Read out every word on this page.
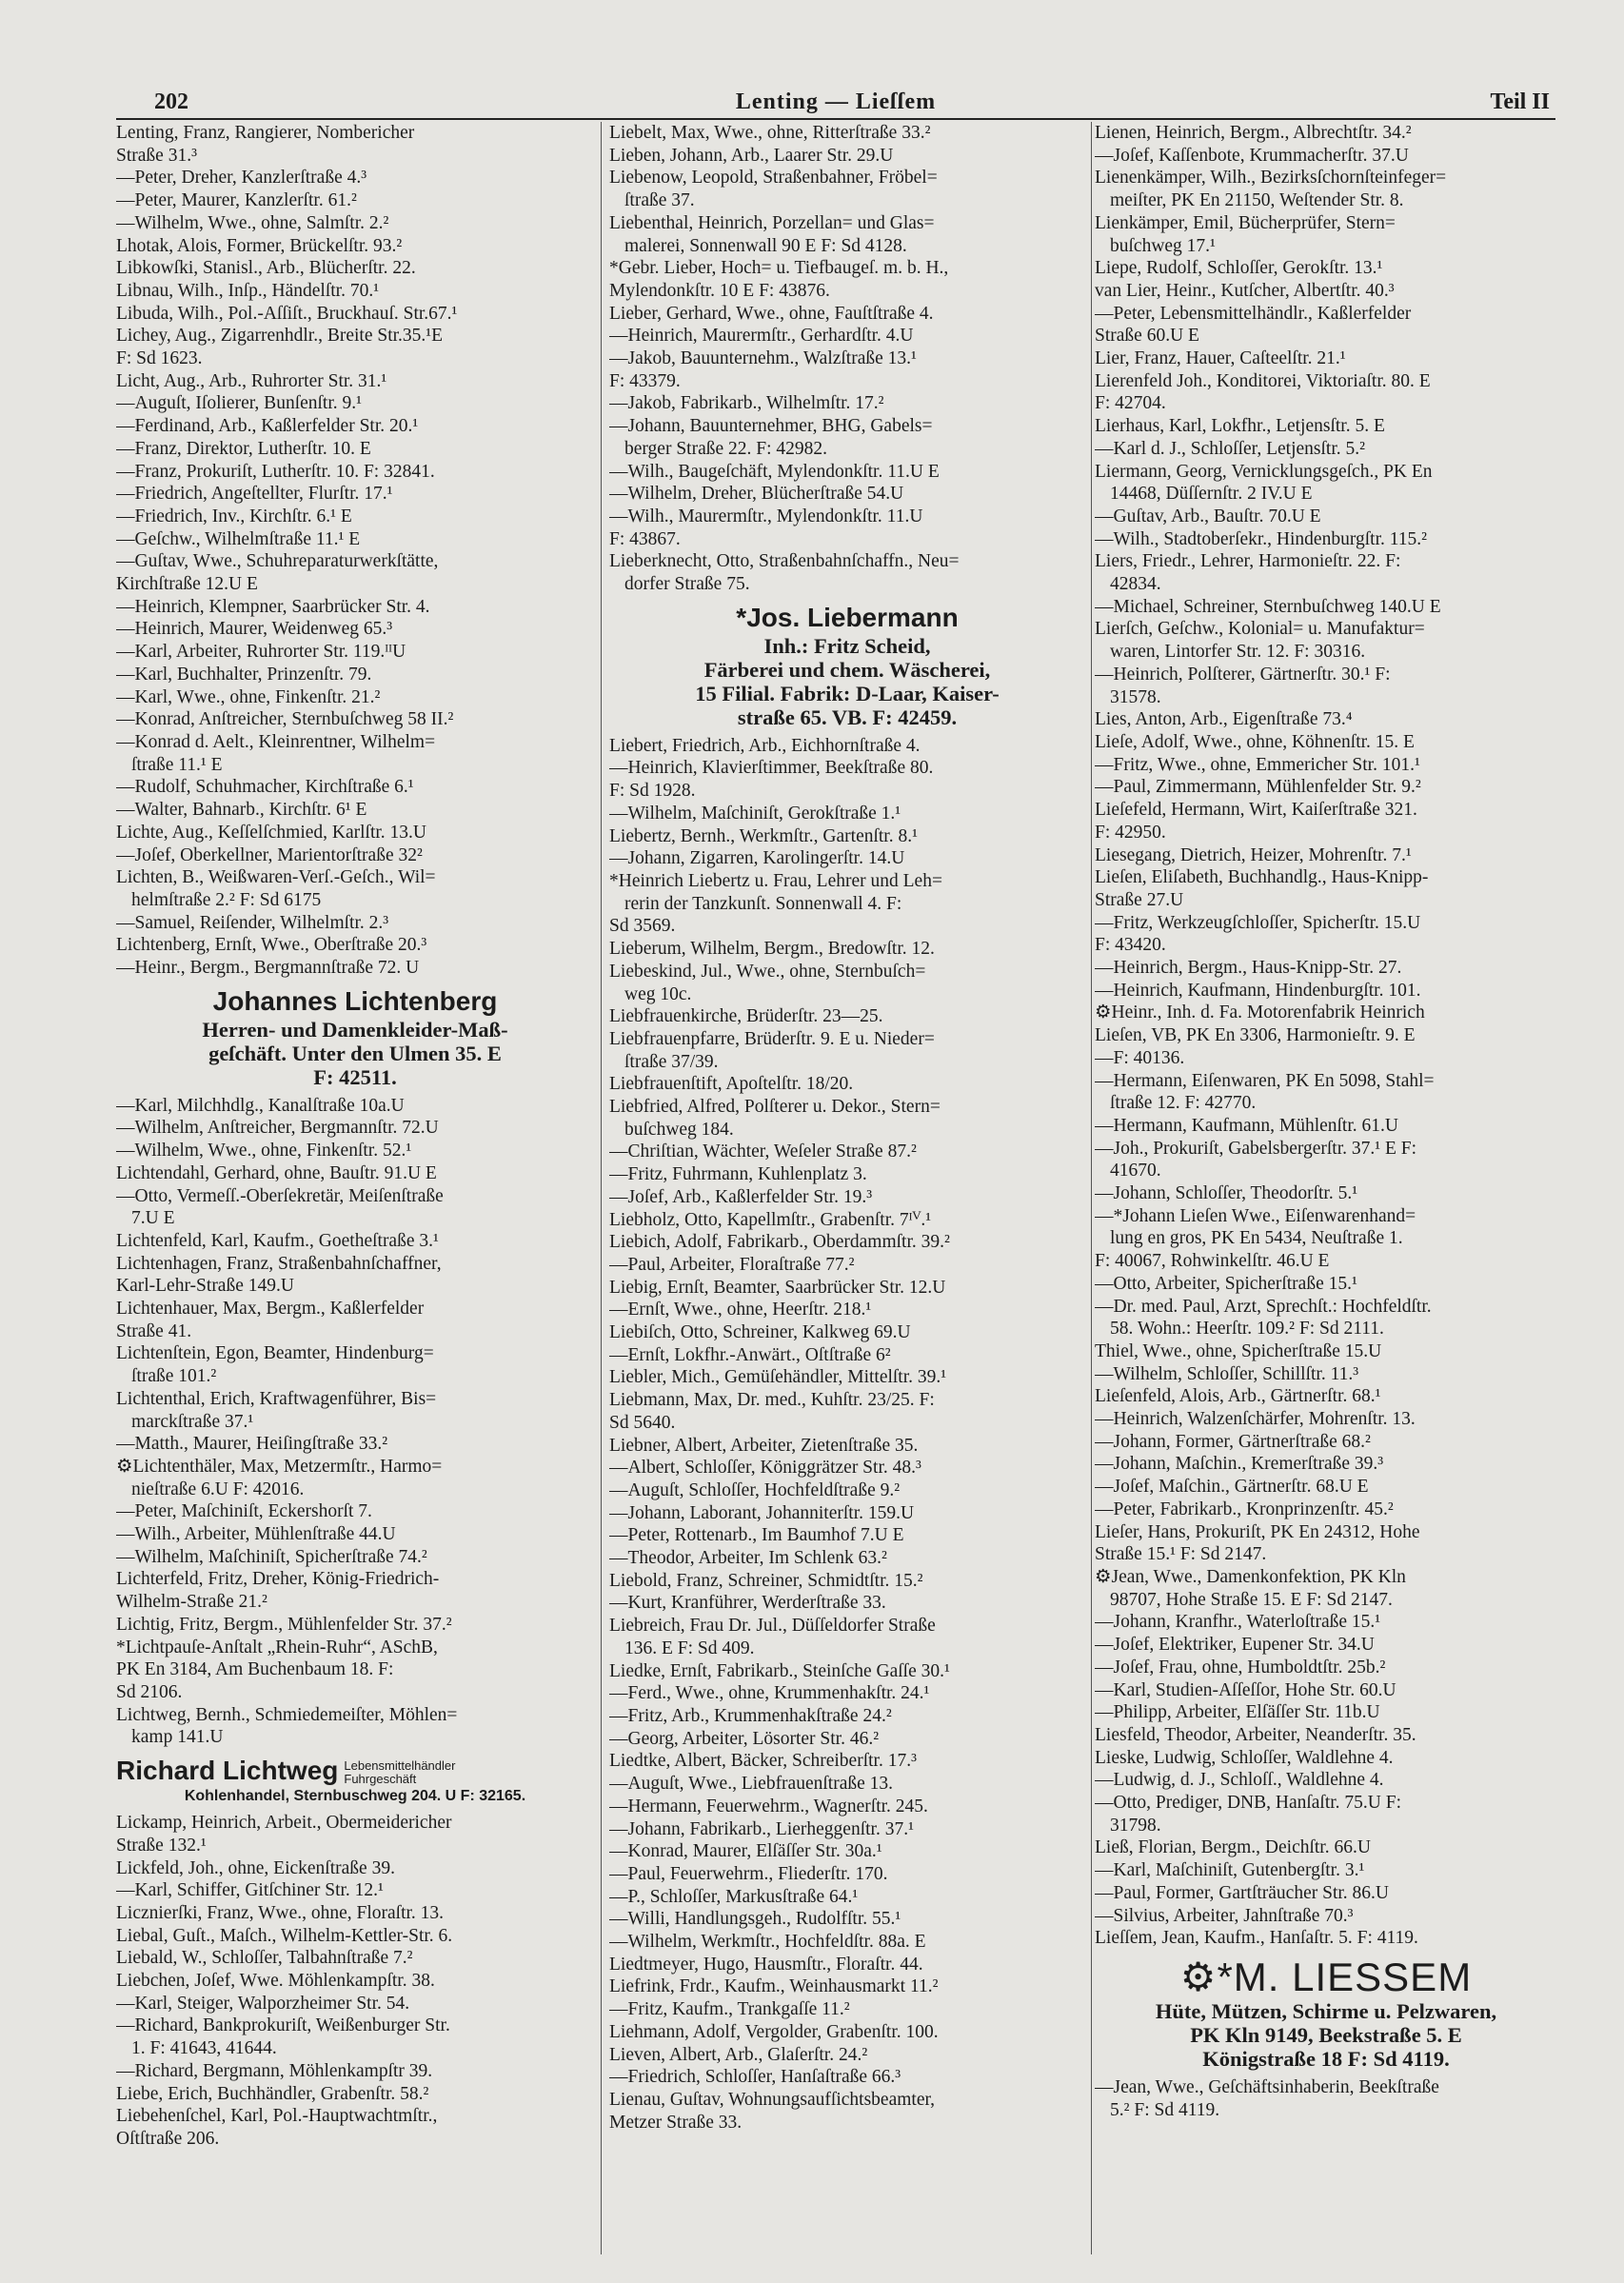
202	Lenting — Lieſſem	Teil II
Lenting, Franz, Rangierer, Nombericher
Straße 31.³
—Peter, Dreher, Kanzlerſtraße 4.³
—Peter, Maurer, Kanzlerſtr. 61.²
—Wilhelm, Wwe., ohne, Salmſtr. 2.²
Lhotak, Alois, Former, Brückelſtr. 93.²
Libkowſki, Stanisl., Arb., Blücherſtr. 22.
Libnau, Wilh., Inſp., Händelſtr. 70.¹
Libuda, Wilh., Pol.-Aſſiſt., Bruckhauſ. Str.67.¹
Lichey, Aug., Zigarrenhdlr., Breite Str.35.¹E
F: Sd 1623.
Licht, Aug., Arb., Ruhrorter Str. 31.¹
—Auguſt, Iſolierer, Bunſenſtr. 9.¹
—Ferdinand, Arb., Kaßlerfelder Str. 20.¹
—Franz, Direktor, Lutherſtr. 10. E
—Franz, Prokuriſt, Lutherſtr. 10. F: 32841.
—Friedrich, Angeſtellter, Flurſtr. 17.¹
—Friedrich, Inv., Kirchſtr. 6.¹ E
—Geſchw., Wilhelmſtraße 11.¹ E
—Guſtav, Wwe., Schuhreparaturwerkſtätte,
Kirchſtraße 12.U E
—Heinrich, Klempner, Saarbrücker Str. 4.
—Heinrich, Maurer, Weidenweg 65.³
—Karl, Arbeiter, Ruhrorter Str. 119.ᴵᴵU
—Karl, Buchhalter, Prinzenſtr. 79.
—Karl, Wwe., ohne, Finkenſtr. 21.²
—Konrad, Anſtreicher, Sternbuſchweg 58 II.²
—Konrad d. Aelt., Kleinrentner, Wilhelm=
ſtraße 11.¹ E
—Rudolf, Schuhmacher, Kirchſtraße 6.¹
—Walter, Bahnarb., Kirchſtr. 6¹ E
Lichte, Aug., Keſſelſchmied, Karlſtr. 13.U
—Joſef, Oberkellner, Marientorſtraße 32²
Lichten, B., Weißwaren-Verſ.-Geſch., Wil=
helmſtraße 2.² F: Sd 6175
—Samuel, Reiſender, Wilhelmſtr. 2.³
Lichtenberg, Ernſt, Wwe., Oberſtraße 20.³
—Heinr., Bergm., Bergmannſtraße 72. U
Johannes Lichtenberg
Herren- und Damenkleider-Maß-
geſchäft. Unter den Ulmen 35. E
F: 42511.
—Karl, Milchhdlg., Kanalſtraße 10a.U
—Wilhelm, Anſtreicher, Bergmannſtr. 72.U
—Wilhelm, Wwe., ohne, Finkenſtr. 52.¹
Lichtendahl, Gerhard, ohne, Bauſtr. 91.U E
—Otto, Vermeſſ.-Oberſekretär, Meiſenſtraße
7.U E
Lichtenfeld, Karl, Kaufm., Goetheſtraße 3.¹
Lichtenhagen, Franz, Straßenbahnſchaffner,
Karl-Lehr-Straße 149.U
Lichtenhauer, Max, Bergm., Kaßlerfelder
Straße 41.
Lichtenſtein, Egon, Beamter, Hindenburg=
ſtraße 101.²
Lichtenthal, Erich, Kraftwagenführer, Bis=
marckſtraße 37.¹
—Matth., Maurer, Heiſingſtraße 33.²
⚙Lichtenthäler, Max, Metzermſtr., Harmo=
nieſtraße 6.U F: 42016.
—Peter, Maſchiniſt, Eckershorſt 7.
—Wilh., Arbeiter, Mühlenſtraße 44.U
—Wilhelm, Maſchiniſt, Spicherſtraße 74.²
Lichterfeld, Fritz, Dreher, König-Friedrich-
Wilhelm-Straße 21.²
Lichtig, Fritz, Bergm., Mühlenfelder Str. 37.²
*Lichtpauſe-Anſtalt „Rhein-Ruhr“, ASchB,
PK En 3184, Am Buchenbaum 18. F:
Sd 2106.
Lichtweg, Bernh., Schmiedemeiſter, Möhlen=
kamp 141.U
Richard Lichtweg Lebensmittelhändler
Fuhrgeschäft
Kohlenhandel, Sternbuschweg 204. U F: 32165.
Lickamp, Heinrich, Arbeit., Obermeidericher
Straße 132.¹
Lickfeld, Joh., ohne, Eickenſtraße 39.
—Karl, Schiffer, Gitſchiner Str. 12.¹
Licznierſki, Franz, Wwe., ohne, Floraſtr. 13.
Liebal, Guſt., Maſch., Wilhelm-Kettler-Str. 6.
Liebald, W., Schloſſer, Talbahnſtraße 7.²
Liebchen, Joſef, Wwe. Möhlenkampſtr. 38.
—Karl, Steiger, Walporzheimer Str. 54.
—Richard, Bankprokuriſt, Weißenburger Str.
1. F: 41643, 41644.
—Richard, Bergmann, Möhlenkampſtr 39.
Liebe, Erich, Buchhändler, Grabenſtr. 58.²
Liebehenſchel, Karl, Pol.-Hauptwachtmſtr.,
Oſtſtraße 206.
Liebelt, Max, Wwe., ohne, Ritterſtraße 33.²
Lieben, Johann, Arb., Laarer Str. 29.U
Liebenow, Leopold, Straßenbahner, Fröbel=
ſtraße 37.
Liebenthal, Heinrich, Porzellan= und Glas=
malerei, Sonnenwall 90 E F: Sd 4128.
*Gebr. Lieber, Hoch= u. Tiefbaugeſ. m. b. H.,
Mylendonkſtr. 10 E F: 43876.
Lieber, Gerhard, Wwe., ohne, Fauſtſtraße 4.
—Heinrich, Maurermſtr., Gerhardſtr. 4.U
—Jakob, Bauunternehm., Walzſtraße 13.¹
F: 43379.
—Jakob, Fabrikarb., Wilhelmſtr. 17.²
—Johann, Bauunternehmer, BHG, Gabels=
berger Straße 22. F: 42982.
—Wilh., Baugeſchäft, Mylendonkſtr. 11.U E
—Wilhelm, Dreher, Blücherſtraße 54.U
—Wilh., Maurermſtr., Mylendonkſtr. 11.U
F: 43867.
Lieberknecht, Otto, Straßenbahnſchaffn., Neu=
dorfer Straße 75.
*Jos. Liebermann
Inh.: Fritz Scheid,
Färberei und chem. Wäscherei,
15 Filial. Fabrik: D-Laar, Kaiser-
straße 65. VB. F: 42459.
Liebert, Friedrich, Arb., Eichhornſtraße 4.
—Heinrich, Klavierſtimmer, Beekſtraße 80.
F: Sd 1928.
—Wilhelm, Maſchiniſt, Gerokſtraße 1.¹
Liebertz, Bernh., Werkmſtr., Gartenſtr. 8.¹
—Johann, Zigarren, Karolingerſtr. 14.U
*Heinrich Liebertz u. Frau, Lehrer und Leh=
rerin der Tanzkunſt. Sonnenwall 4. F:
Sd 3569.
Lieberum, Wilhelm, Bergm., Bredowſtr. 12.
Liebeskind, Jul., Wwe., ohne, Sternbuſch=
weg 10c.
Liebfrauenkirche, Brüderſtr. 23—25.
Liebfrauenpfarre, Brüderſtr. 9. E u. Nieder=
ſtraße 37/39.
Liebfrauenſtift, Apoſtelſtr. 18/20.
Liebfried, Alfred, Polſterer u. Dekor., Stern=
buſchweg 184.
—Chriſtian, Wächter, Weſeler Straße 87.²
—Fritz, Fuhrmann, Kuhlenplatz 3.
—Joſef, Arb., Kaßlerfelder Str. 19.³
Liebholz, Otto, Kapellmſtr., Grabenſtr. 7ᴵⱽ.¹
Liebich, Adolf, Fabrikarb., Oberdammſtr. 39.²
—Paul, Arbeiter, Floraſtraße 77.²
Liebig, Ernſt, Beamter, Saarbrücker Str. 12.U
—Ernſt, Wwe., ohne, Heerſtr. 218.¹
Liebiſch, Otto, Schreiner, Kalkweg 69.U
—Ernſt, Lokfhr.-Anwärt., Oſtſtraße 6²
Liebler, Mich., Gemüſehändler, Mittelſtr. 39.¹
Liebmann, Max, Dr. med., Kuhſtr. 23/25. F:
Sd 5640.
Liebner, Albert, Arbeiter, Zietenſtraße 35.
—Albert, Schloſſer, Königgrätzer Str. 48.³
—Auguſt, Schloſſer, Hochfeldſtraße 9.²
—Johann, Laborant, Johanniterſtr. 159.U
—Peter, Rottenarb., Im Baumhof 7.U E
—Theodor, Arbeiter, Im Schlenk 63.²
Liebold, Franz, Schreiner, Schmidtſtr. 15.²
—Kurt, Kranführer, Werderſtraße 33.
Liebreich, Frau Dr. Jul., Düſſeldorfer Straße
136. E F: Sd 409.
Liedke, Ernſt, Fabrikarb., Steinſche Gaſſe 30.¹
—Ferd., Wwe., ohne, Krummenhakſtr. 24.¹
—Fritz, Arb., Krummenhakſtraße 24.²
—Georg, Arbeiter, Lösorter Str. 46.²
Liedtke, Albert, Bäcker, Schreiberſtr. 17.³
—Auguſt, Wwe., Liebfrauenſtraße 13.
—Hermann, Feuerwehrm., Wagnerſtr. 245.
—Johann, Fabrikarb., Lierheggenſtr. 37.¹
—Konrad, Maurer, Elſäſſer Str. 30a.¹
—Paul, Feuerwehrm., Fliederſtr. 170.
—P., Schloſſer, Markusſtraße 64.¹
—Willi, Handlungsgeh., Rudolfſtr. 55.¹
—Wilhelm, Werkmſtr., Hochfeldſtr. 88a. E
Liedtmeyer, Hugo, Hausmſtr., Floraſtr. 44.
Liefrink, Frdr., Kaufm., Weinhausmarkt 11.²
—Fritz, Kaufm., Trankgaſſe 11.²
Liehmann, Adolf, Vergolder, Grabenſtr. 100.
Lieven, Albert, Arb., Glaſerſtr. 24.²
—Friedrich, Schloſſer, Hanſaſtraße 66.³
Lienau, Guſtav, Wohnungsaufſichtsbeamter,
Metzer Straße 33.
Lienen, Heinrich, Bergm., Albrechtſtr. 34.²
—Joſef, Kaſſenbote, Krummacherſtr. 37.U
Lienenkämper, Wilh., Bezirksſchornſteinfeger=
meiſter, PK En 21150, Weſtender Str. 8.
Lienkämper, Emil, Bücherprüfer, Stern=
buſchweg 17.¹
Liepe, Rudolf, Schloſſer, Gerokſtr. 13.¹
van Lier, Heinr., Kutſcher, Albertſtr. 40.³
—Peter, Lebensmittelhändlr., Kaßlerfelder
Straße 60.U E
Lier, Franz, Hauer, Caſteelſtr. 21.¹
Lierenfeld Joh., Konditorei, Viktoriaſtr. 80. E
F: 42704.
Lierhaus, Karl, Lokfhr., Letjensſtr. 5. E
—Karl d. J., Schloſſer, Letjensſtr. 5.²
Liermann, Georg, Vernicklungsgeſch., PK En
14468, Düſſernſtr. 2 IV.U E
—Guſtav, Arb., Bauſtr. 70.U E
—Wilh., Stadtoberſekr., Hindenburgſtr. 115.²
Liers, Friedr., Lehrer, Harmonieſtr. 22. F:
42834.
—Michael, Schreiner, Sternbuſchweg 140.U E
Lierſch, Geſchw., Kolonial= u. Manufaktur=
waren, Lintorfer Str. 12. F: 30316.
—Heinrich, Polſterer, Gärtnerſtr. 30.¹ F:
31578.
Lies, Anton, Arb., Eigenſtraße 73.⁴
Lieſe, Adolf, Wwe., ohne, Köhnenſtr. 15. E
—Fritz, Wwe., ohne, Emmericher Str. 101.¹
—Paul, Zimmermann, Mühlenfelder Str. 9.²
Lieſefeld, Hermann, Wirt, Kaiſerſtraße 321.
F: 42950.
Liesegang, Dietrich, Heizer, Mohrenſtr. 7.¹
Lieſen, Eliſabeth, Buchhandlg., Haus-Knipp-
Straße 27.U
—Fritz, Werkzeugſchloſſer, Spicherſtr. 15.U
F: 43420.
—Heinrich, Bergm., Haus-Knipp-Str. 27.
—Heinrich, Kaufmann, Hindenburgſtr. 101.
⚙Heinr., Inh. d. Fa. Motorenfabrik Heinrich
Lieſen, VB, PK En 3306, Harmonieſtr. 9. E
—F: 40136.
—Hermann, Eiſenwaren, PK En 5098, Stahl=
ſtraße 12. F: 42770.
—Hermann, Kaufmann, Mühlenſtr. 61.U
—Joh., Prokuriſt, Gabelsbergerſtr. 37.¹ E F:
41670.
—Johann, Schloſſer, Theodorſtr. 5.¹
—*Johann Lieſen Wwe., Eiſenwarenhand=
lung en gros, PK En 5434, Neuſtraße 1.
F: 40067, Rohwinkelſtr. 46.U E
—Otto, Arbeiter, Spicherſtraße 15.¹
—Dr. med. Paul, Arzt, Sprechſt.: Hochfeldſtr.
58. Wohn.: Heerſtr. 109.² F: Sd 2111.
Thiel, Wwe., ohne, Spicherſtraße 15.U
—Wilhelm, Schloſſer, Schillſtr. 11.³
Lieſenfeld, Alois, Arb., Gärtnerſtr. 68.¹
—Heinrich, Walzenſchärfer, Mohrenſtr. 13.
—Johann, Former, Gärtnerſtraße 68.²
—Johann, Maſchin., Kremerſtraße 39.³
—Joſef, Maſchin., Gärtnerſtr. 68.U E
—Peter, Fabrikarb., Kronprinzenſtr. 45.²
Lieſer, Hans, Prokuriſt, PK En 24312, Hohe
Straße 15.¹ F: Sd 2147.
⚙Jean, Wwe., Damenkonfektion, PK Kln
98707, Hohe Straße 15. E F: Sd 2147.
—Johann, Kranfhr., Waterloſtraße 15.¹
—Joſef, Elektriker, Eupener Str. 34.U
—Joſef, Frau, ohne, Humboldtſtr. 25b.²
—Karl, Studien-Aſſeſſor, Hohe Str. 60.U
—Philipp, Arbeiter, Elſäſſer Str. 11b.U
Liesfeld, Theodor, Arbeiter, Neanderſtr. 35.
Lieske, Ludwig, Schloſſer, Waldlehne 4.
—Ludwig, d. J., Schloſſ., Waldlehne 4.
—Otto, Prediger, DNB, Hanſaſtr. 75.U F:
31798.
Ließ, Florian, Bergm., Deichſtr. 66.U
—Karl, Maſchiniſt, Gutenbergſtr. 3.¹
—Paul, Former, Gartſträucher Str. 86.U
—Silvius, Arbeiter, Jahnſtraße 70.³
Lieſſem, Jean, Kaufm., Hanſaſtr. 5. F: 4119.
⚙*M. LIESSEM
Hüte, Mützen, Schirme u. Pelzwaren,
PK Kln 9149, Beekstraße 5. E
Königstraße 18 F: Sd 4119.
—Jean, Wwe., Geſchäftsinhaberin, Beekſtraße
5.² F: Sd 4119.
